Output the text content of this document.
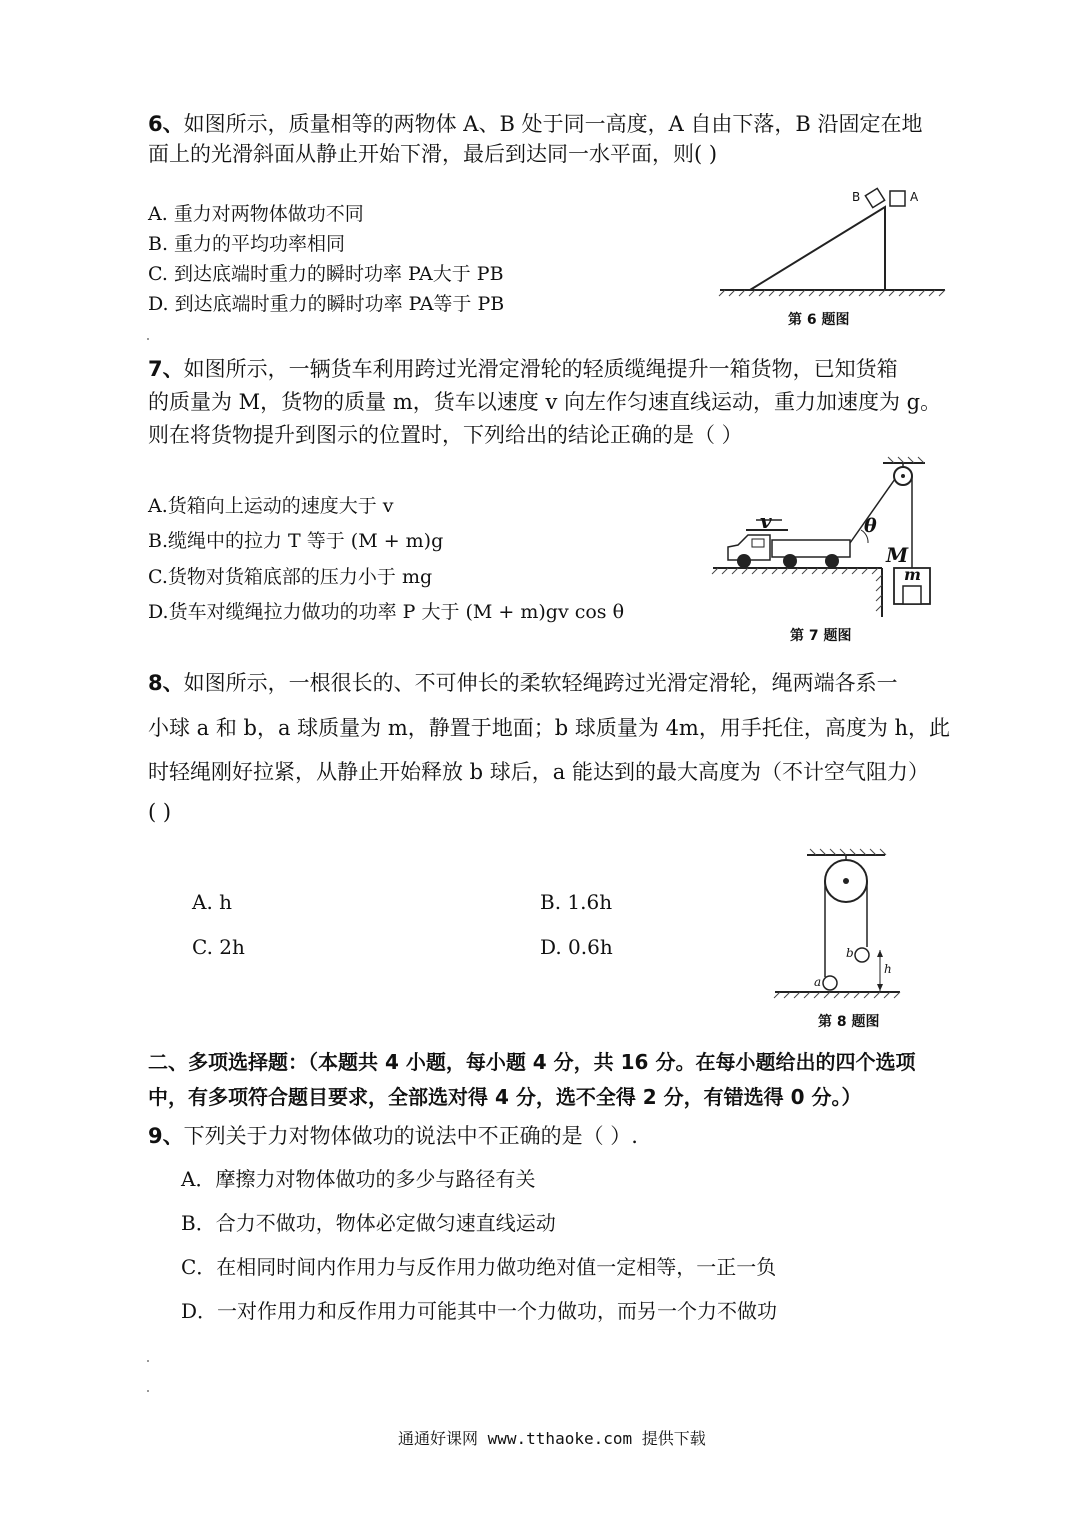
6、如图所示，质量相等的两物体 A、B 处于同一高度，A 自由下落，B 沿固定在地
面上的光滑斜面从静止开始下滑，最后到达同一水平面，则( )
A. 重力对两物体做功不同
B. 重力的平均功率相同
C. 到达底端时重力的瞬时功率 PA大于 PB
D. 到达底端时重力的瞬时功率 PA等于 PB
B	A
第 6 题图
7、如图所示，一辆货车利用跨过光滑定滑轮的轻质缆绳提升一箱货物，已知货箱
的质量为 M，货物的质量 m，货车以速度 v 向左作匀速直线运动，重力加速度为 g。
则在将货物提升到图示的位置时，下列给出的结论正确的是（ ）
A.货箱向上运动的速度大于 v
B.缆绳中的拉力 T 等于 (M + m)g
C.货物对货箱底部的压力小于 mg
D.货车对缆绳拉力做功的功率 P 大于 (M + m)gv cos θ
v	θ
M
m
第 7 题图
8、如图所示，一根很长的、不可伸长的柔软轻绳跨过光滑定滑轮，绳两端各系一
小球 a 和 b，a 球质量为 m，静置于地面；b 球质量为 4m，用手托住，高度为 h，此
时轻绳刚好拉紧，从静止开始释放 b 球后，a 能达到的最大高度为（不计空气阻力）
( )
A. h	B. 1.6h
C. 2h	D. 0.6h	b
a
h
第 8 题图
二、多项选择题：（本题共 4 小题，每小题 4 分，共 16 分。在每小题给出的四个选项
中，有多项符合题目要求，全部选对得 4 分，选不全得 2 分，有错选得 0 分。）
9、下列关于力对物体做功的说法中不正确的是（ ）.
A．摩擦力对物体做功的多少与路径有关
B．合力不做功，物体必定做匀速直线运动
C．在相同时间内作用力与反作用力做功绝对值一定相等，一正一负
D．一对作用力和反作用力可能其中一个力做功，而另一个力不做功
通通好课网 www.tthaoke.com 提供下载
